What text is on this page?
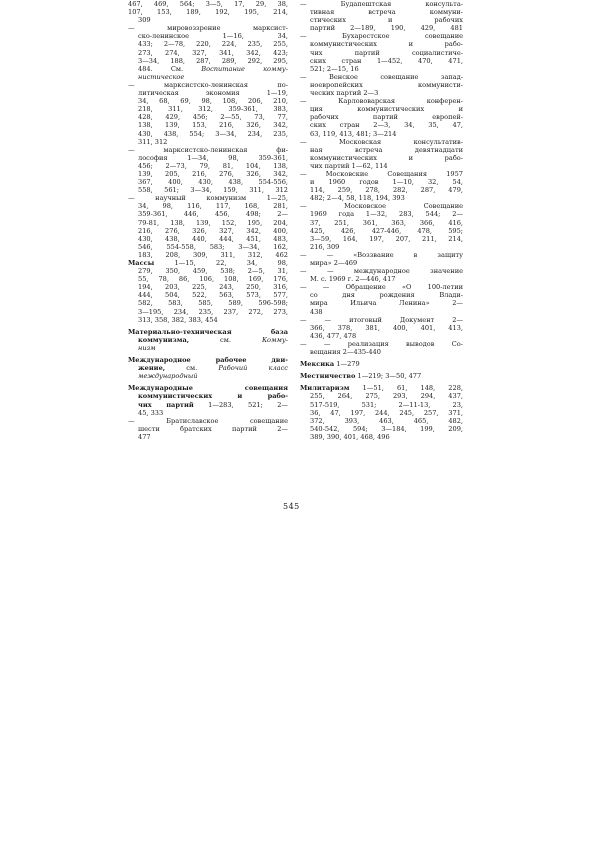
467, 469, 564; 3—5, 17, 29, 38,
107, 153, 189, 192, 195, 214,
309
— мировоззрение марксист-
ско-ленинское 1—16, 34,
433; 2—78, 220, 224, 235, 255,
273, 274, 327, 341, 342, 423;
3—34, 188, 287, 289, 292, 295,
484. См. Воспитание комму-
нистическое
— марксистско-ленинская по-
литическая экономия 1—19,
34, 68, 69, 98, 108, 206, 210,
218, 311, 312, 359-361, 383,
428, 429, 456; 2—55, 73, 77,
138, 139, 153, 216, 326, 342,
430, 438, 554; 3—34, 234, 235,
311, 312
— марксистско-ленинская фи-
лософия 1—34, 98, 359-361,
456; 2—73, 79, 81, 104, 138,
139, 205, 216, 276, 326, 342,
367, 400, 430, 438, 554-556,
558, 561; 3—34, 159, 311, 312
— научный коммунизм 1—25,
34, 98, 116, 117, 168, 281,
359-361, 446, 456, 498; 2—
79-81, 138, 139, 152, 195, 204,
216, 276, 326, 327, 342, 400,
430, 438, 440, 444, 451, 483,
546, 554-558, 583; 3—34, 162,
183, 208, 309, 311, 312, 462
Массы 1—15, 22, 34, 98,
279, 350, 459, 538; 2—5, 31,
55, 78, 86, 106, 108, 169, 176,
194, 203, 225, 243, 250, 316,
444, 504, 522, 563, 573, 577,
582, 583, 585, 589, 596-598;
3—195, 234, 235, 237, 272, 273,
313, 358, 382, 383, 454
Материально-техническая база
коммунизма, см. Комму-
низм
Международное рабочее дви-
жение, см. Рабочий класс
международный
Международные совещания
коммунистических и рабо-
чих партий 1—283, 521; 2—
45, 333
— Братиславское совещание
шести братских партий 2—
477
— Будапештская консульта-
тивная встреча коммуни-
стических и рабочих
партий 2—189, 190, 429, 481
— Бухарестское совещание
коммунистических и рабо-
чих партий социалистиче-
ских стран 1—452, 470, 471,
521; 2—15, 16
— Венское совещание запад-
ноевропейских коммунисти-
ческих партий 2—3
— Карлововарская конферен-
ция коммунистических и
рабочих партий европей-
ских стран 2—3, 34, 35, 47,
63, 119, 413, 481; 3—214
— Московская консультатив-
ная встреча девятнадцати
коммунистических и рабо-
чих партий 1—62, 114
— Московские Совещания 1957
и 1960 годов 1—10, 32, 54,
114, 259, 278, 282, 287, 479,
482; 2—4, 58, 118, 194, 393
— Московское Совещание
1969 года 1—32, 283, 544; 2—
37, 251, 361, 363, 366, 416,
425, 426, 427-446, 478, 595;
3—59, 164, 197, 207, 211, 214,
216, 309
— — «Воззвание в защиту
мира» 2—469
— — международное значение
М. с. 1969 г. 2—446, 417
— — Обращение «О 100-летии
со дня рождения Влади-
мира Ильича Ленина» 2—
438
— — итоговый Документ 2—
366, 378, 381, 400, 401, 413,
436, 477, 478
— — реализация выводов Со-
вещания 2—435-440
Мексика 1—279
Местничество 1—219; 3—50, 477
Милитаризм 1—51, 61, 148, 228,
255, 264, 275, 293, 294, 437,
517-519, 531; 2—11-13, 23,
36, 47, 197, 244, 245, 257, 371,
372, 393, 463, 465, 482,
540-542, 594; 3—184, 199, 209,
389, 390, 401, 468, 496
545
